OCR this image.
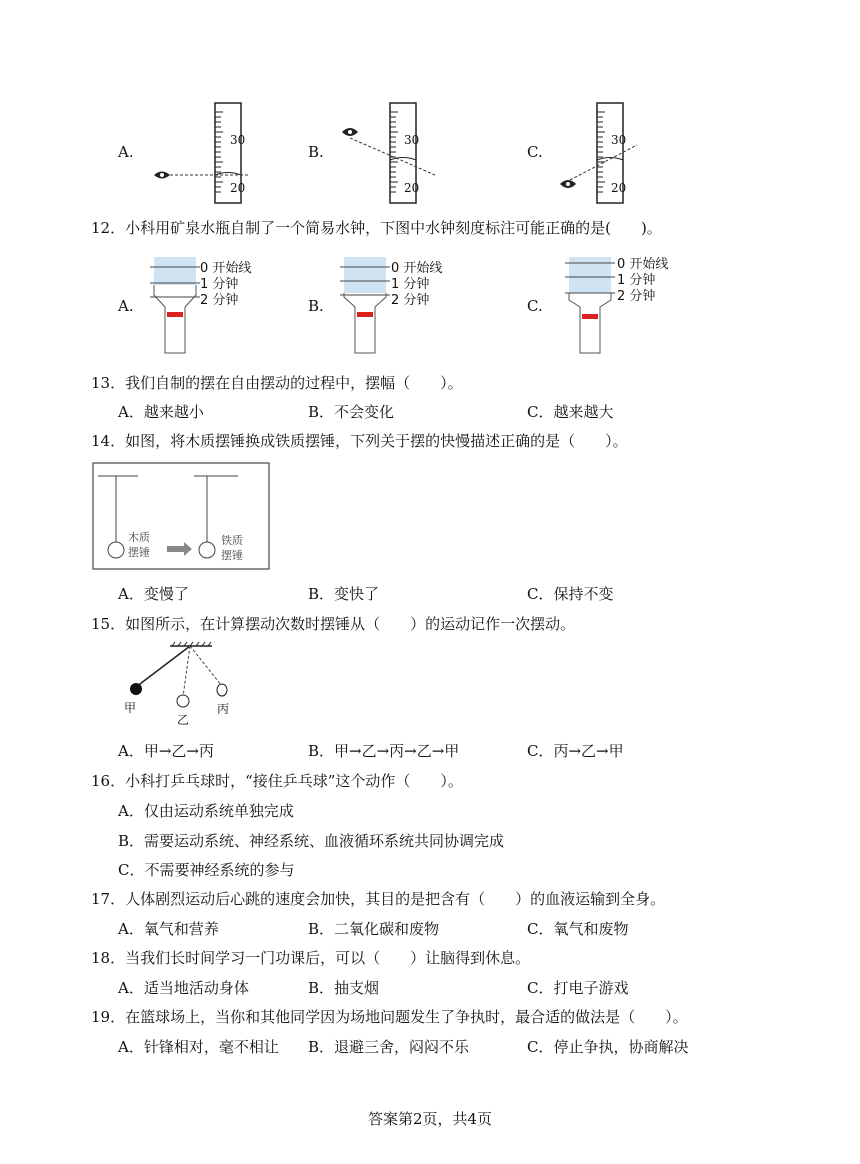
A.	B.	C.
30
20
30
20
30
20
12．小科用矿泉水瓶自制了一个简易水钟，下图中水钟刻度标注可能正确的是(　　)。
A.	B.	C.
0 开始线
1 分钟
2 分钟
0 开始线
1 分钟
2 分钟
0 开始线
1 分钟
2 分钟
13．我们自制的摆在自由摆动的过程中，摆幅（　　）。
A．越来越小	B．不会变化	C．越来越大
14．如图，将木质摆锤换成铁质摆锤，下列关于摆的快慢描述正确的是（　　）。
木质
摆锤
铁质
摆锤
A．变慢了	B．变快了	C．保持不变
15．如图所示，在计算摆动次数时摆锤从（　　）的运动记作一次摆动。
甲
乙
丙
A．甲→乙→丙	B．甲→乙→丙→乙→甲	C．丙→乙→甲
16．小科打乒乓球时，“接住乒乓球”这个动作（　　）。
A．仅由运动系统单独完成
B．需要运动系统、神经系统、血液循环系统共同协调完成
C．不需要神经系统的参与
17．人体剧烈运动后心跳的速度会加快，其目的是把含有（　　）的血液运输到全身。
A．氧气和营养	B．二氧化碳和废物	C．氧气和废物
18．当我们长时间学习一门功课后，可以（　　）让脑得到休息。
A．适当地活动身体	B．抽支烟	C．打电子游戏
19．在篮球场上，当你和其他同学因为场地问题发生了争执时，最合适的做法是（　　）。
A．针锋相对，毫不相让 B．退避三舍，闷闷不乐	C．停止争执，协商解决
答案第2页，共4页
